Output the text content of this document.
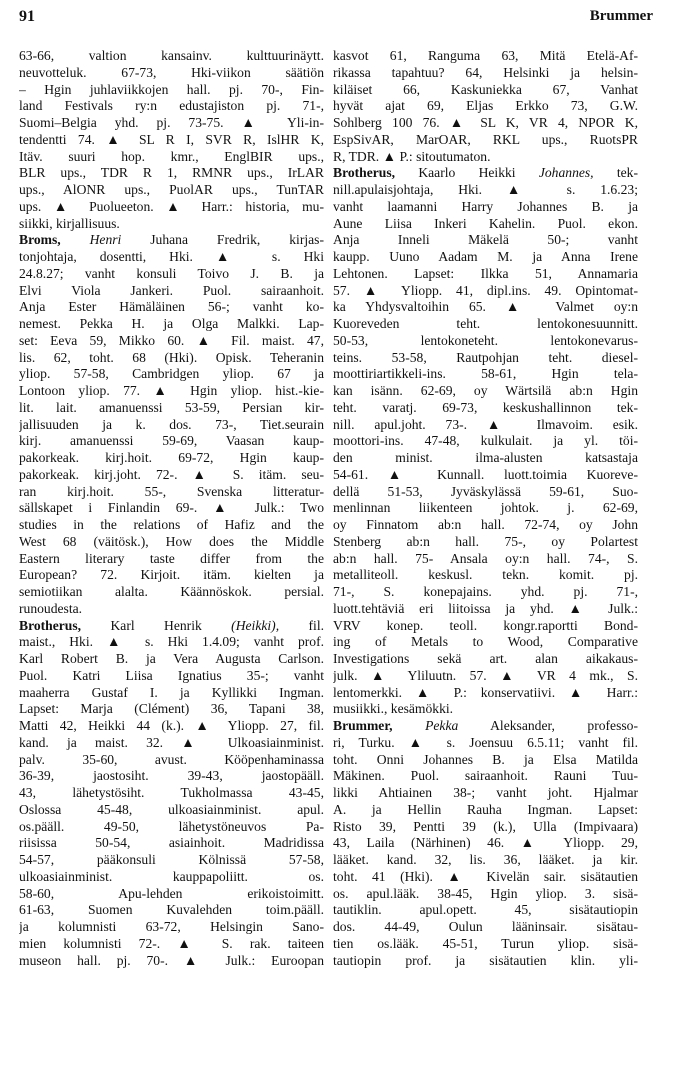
91	Brummer
63-66, valtion kansainv. kulttuurinäytt.
neuvotteluk. 67-73, Hki-viikon säätiön
– Hgin juhlaviikkojen hall. pj. 70-, Fin-
land Festivals ry:n edustajiston pj. 71-,
Suomi–Belgia yhd. pj. 73-75. ▲ Yli-in-
tendentti 74. ▲ SL R I, SVR R, IslHR K,
Itäv. suuri hop. kmr., EnglBIR ups.,
BLR ups., TDR R 1, RMNR ups., IrLAR
ups., AlONR ups., PuolAR ups., TunTAR
ups. ▲ Puolueeton. ▲ Harr.: historia, mu-
siikki, kirjallisuus.
Broms, Henri Juhana Fredrik, kirjas-
tonjohtaja, dosentti, Hki. ▲ s. Hki
24.8.27; vanht konsuli Toivo J. B. ja
Elvi Viola Jankeri. Puol. sairaanhoit.
Anja Ester Hämäläinen 56-; vanht ko-
nemest. Pekka H. ja Olga Malkki. Lap-
set: Eeva 59, Mikko 60. ▲ Fil. maist. 47,
lis. 62, toht. 68 (Hki). Opisk. Teheranin
yliop. 57-58, Cambridgen yliop. 67 ja
Lontoon yliop. 77. ▲ Hgin yliop. hist.-kie-
lit. lait. amanuenssi 53-59, Persian kir-
jallisuuden ja k. dos. 73-, Tiet.seurain
kirj. amanuenssi 59-69, Vaasan kaup-
pakorkeak. kirj.hoit. 69-72, Hgin kaup-
pakorkeak. kirj.joht. 72-. ▲ S. itäm. seu-
ran kirj.hoit. 55-, Svenska litteratur-
sällskapet i Finlandin 69-. ▲ Julk.: Two
studies in the relations of Hafiz and the
West 68 (väitösk.), How does the Middle
Eastern literary taste differ from the
European? 72. Kirjoit. itäm. kielten ja
semiotiikan alalta. Käännöskok. persial.
runoudesta.
Brotherus, Karl Henrik (Heikki), fil.
maist., Hki. ▲ s. Hki 1.4.09; vanht prof.
Karl Robert B. ja Vera Augusta Carlson.
Puol. Katri Liisa Ignatius 35-; vanht
maaherra Gustaf I. ja Kyllikki Ingman.
Lapset: Marja (Clément) 36, Tapani 38,
Matti 42, Heikki 44 (k.). ▲ Yliopp. 27, fil.
kand. ja maist. 32. ▲ Ulkoasiainminist.
palv. 35-60, avust. Kööpenhaminassa
36-39, jaostosiht. 39-43, jaostopääll.
43, lähetystösiht. Tukholmassa 43-45,
Oslossa 45-48, ulkoasiainminist. apul.
os.pääll. 49-50, lähetystöneuvos Pa-
riisissa 50-54, asiainhoit. Madridissa
54-57, pääkonsuli Kölnissä 57-58,
ulkoasiainminist. kauppapoliitt. os.
58-60, Apu-lehden erikoistoimitt.
61-63, Suomen Kuvalehden toim.pääll.
ja kolumnisti 63-72, Helsingin Sano-
mien kolumnisti 72-. ▲ S. rak. taiteen
museon hall. pj. 70-. ▲ Julk.: Euroopan
kasvot 61, Ranguma 63, Mitä Etelä-Af-
rikassa tapahtuu? 64, Helsinki ja helsin-
kiläiset 66, Kaskuniekka 67, Vanhat
hyvät ajat 69, Eljas Erkko 73, G.W.
Sohlberg 100 76. ▲ SL K, VR 4, NPOR K,
EspSivAR, MarOAR, RKL ups., RuotsPR
R, TDR. ▲ P.: sitoutumaton.
Brotherus, Kaarlo Heikki Johannes, tek-
nill.apulaisjohtaja, Hki. ▲ s. 1.6.23;
vanht laamanni Harry Johannes B. ja
Aune Liisa Inkeri Kahelin. Puol. ekon.
Anja Inneli Mäkelä 50-; vanht
kaupp. Uuno Aadam M. ja Anna Irene
Lehtonen. Lapset: Ilkka 51, Annamaria
57. ▲ Yliopp. 41, dipl.ins. 49. Opintomat-
ka Yhdysvaltoihin 65. ▲ Valmet oy:n
Kuoreveden teht. lentokonesuunnitt.
50-53, lentokoneteht. lentokonevarus-
teins. 53-58, Rautpohjan teht. diesel-
moottiriartikkeli-ins. 58-61, Hgin tela-
kan isänn. 62-69, oy Wärtsilä ab:n Hgin
teht. varatj. 69-73, keskushallinnon tek-
nill. apul.joht. 73-. ▲ Ilmavoim. esik.
moottori-ins. 47-48, kulkulait. ja yl. töi-
den minist. ilma-alusten katsastaja
54-61. ▲ Kunnall. luott.toimia Kuoreve-
dellä 51-53, Jyväskylässä 59-61, Suo-
menlinnan liikenteen johtok. j. 62-69,
oy Finnatom ab:n hall. 72-74, oy John
Stenberg ab:n hall. 75-, oy Polartest
ab:n hall. 75- Ansala oy:n hall. 74-, S.
metalliteoll. keskusl. tekn. komit. pj.
71-, S. konepajains. yhd. pj. 71-,
luott.tehtäviä eri liitoissa ja yhd. ▲ Julk.:
VRV konep. teoll. kongr.raportti Bond-
ing of Metals to Wood, Comparative
Investigations sekä art. alan aikakaus-
julk. ▲ Yliluutn. 57. ▲ VR 4 mk., S.
lentomerkki. ▲ P.: konservatiivi. ▲ Harr.:
musiikki., kesämökki.
Brummer, Pekka Aleksander, professo-
ri, Turku. ▲ s. Joensuu 6.5.11; vanht fil.
toht. Onni Johannes B. ja Elsa Matilda
Mäkinen. Puol. sairaanhoit. Rauni Tuu-
likki Ahtiainen 38-; vanht joht. Hjalmar
A. ja Hellin Rauha Ingman. Lapset:
Risto 39, Pentti 39 (k.), Ulla (Impivaara)
43, Laila (Närhinen) 46. ▲ Yliopp. 29,
lääket. kand. 32, lis. 36, lääket. ja kir.
toht. 41 (Hki). ▲ Kivelän sair. sisätautien
os. apul.lääk. 38-45, Hgin yliop. 3. sisä-
tautiklin. apul.opett. 45, sisätautiopin
dos. 44-49, Oulun lääninsair. sisätau-
tien os.lääk. 45-51, Turun yliop. sisä-
tautiopin prof. ja sisätautien klin. yli-
